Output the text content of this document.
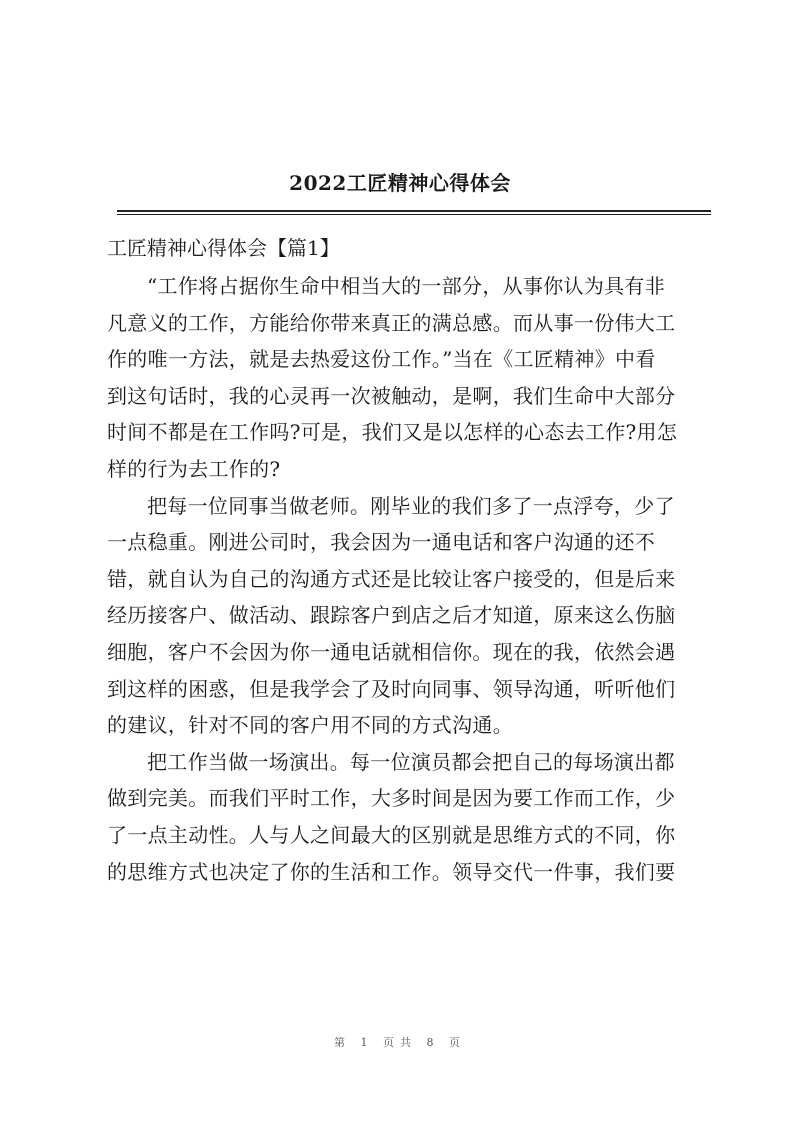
2022工匠精神心得体会
工匠精神心得体会【篇1】
“工作将占据你生命中相当大的一部分，从事你认为具有非
凡意义的工作，方能给你带来真正的满总感。而从事一份伟大工
作的唯一方法，就是去热爱这份工作。”当在《工匠精神》中看
到这句话时，我的心灵再一次被触动，是啊，我们生命中大部分
时间不都是在工作吗?可是，我们又是以怎样的心态去工作?用怎
样的行为去工作的?
把每一位同事当做老师。刚毕业的我们多了一点浮夸，少了
一点稳重。刚进公司时，我会因为一通电话和客户沟通的还不
错，就自认为自己的沟通方式还是比较让客户接受的，但是后来
经历接客户、做活动、跟踪客户到店之后才知道，原来这么伤脑
细胞，客户不会因为你一通电话就相信你。现在的我，依然会遇
到这样的困惑，但是我学会了及时向同事、领导沟通，听听他们
的建议，针对不同的客户用不同的方式沟通。
把工作当做一场演出。每一位演员都会把自己的每场演出都
做到完美。而我们平时工作，大多时间是因为要工作而工作，少
了一点主动性。人与人之间最大的区别就是思维方式的不同，你
的思维方式也决定了你的生活和工作。领导交代一件事，我们要
第 1 页共 8 页
